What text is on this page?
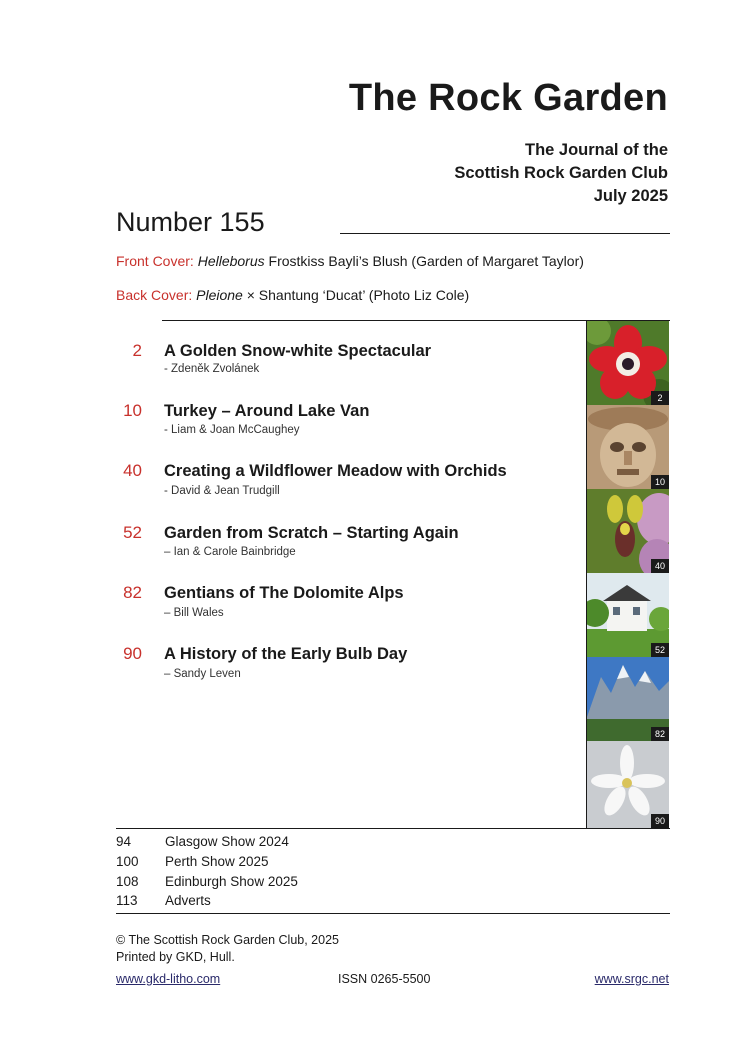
The Rock Garden
The Journal of the
Scottish Rock Garden Club
July 2025
Number 155
Front Cover: Helleborus Frostkiss Bayli’s Blush (Garden of Margaret Taylor)
Back Cover: Pleione × Shantung ‘Ducat’ (Photo Liz Cole)
2 A Golden Snow-white Spectacular
- Zdeněk Zvolánek
10 Turkey – Around Lake Van
- Liam & Joan McCaughey
40 Creating a Wildflower Meadow with Orchids
- David & Jean Trudgill
52 Garden from Scratch – Starting Again
– Ian & Carole Bainbridge
82 Gentians of The Dolomite Alps
– Bill Wales
90 A History of the Early Bulb Day
– Sandy Leven
2
10
40
52
82
90
94	Glasgow Show 2024
100 Perth Show 2025
108 Edinburgh Show 2025
113 Adverts
© The Scottish Rock Garden Club, 2025
Printed by GKD, Hull.
www.gkd-litho.com	ISSN 0265-5500	www.srgc.net
